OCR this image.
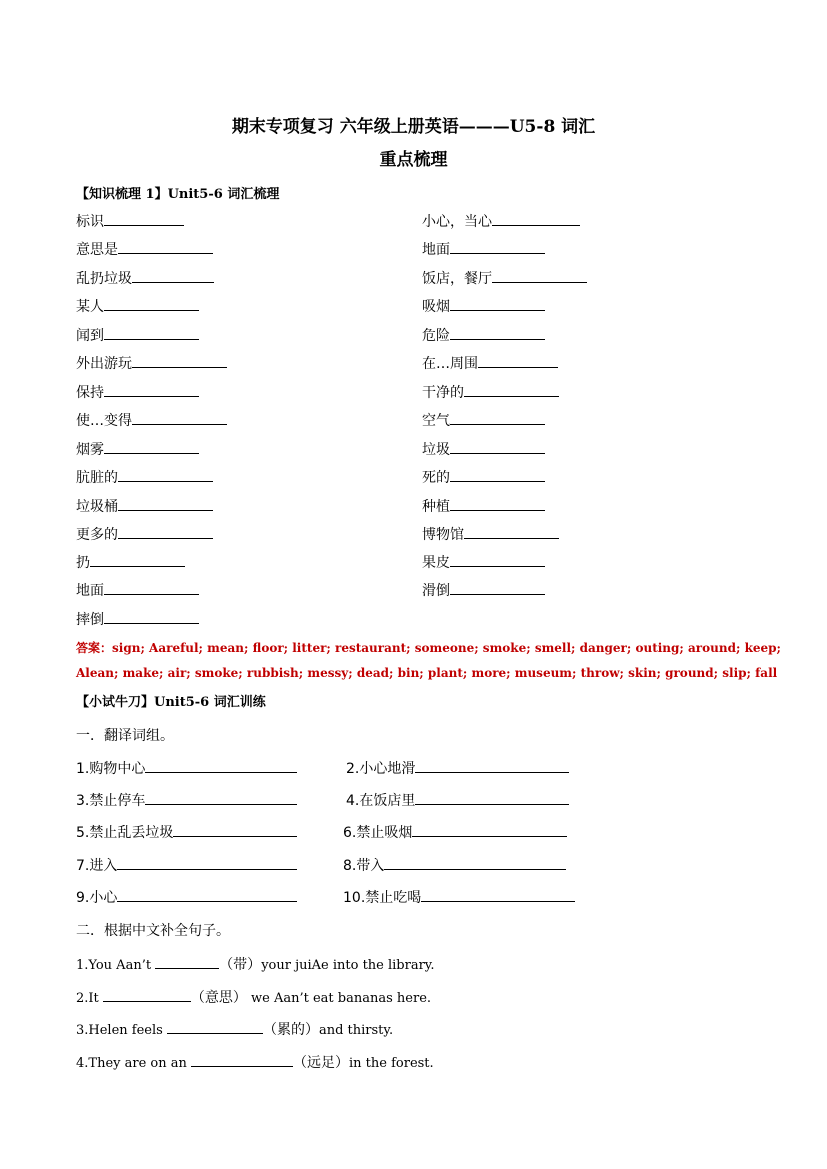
期末专项复习 六年级上册英语———U5-8 词汇
重点梳理
【知识梳理 1】Unit5-6 词汇梳理
标识
意思是
乱扔垃圾
某人
闻到
外出游玩
保持
使…变得
烟雾
肮脏的
垃圾桶
更多的
扔
地面
摔倒
小心，当心
地面
饭店，餐厅
吸烟
危险
在…周围
干净的
空气
垃圾
死的
种植
博物馆
果皮
滑倒
答案：sign; Aareful; mean; floor; litter; restaurant; someone; smoke; smell; danger; outing; around; keep;
Alean; make; air; smoke; rubbish; messy; dead; bin; plant; more; museum; throw; skin; ground; slip; fall
【小试牛刀】Unit5-6 词汇训练
一．翻译词组。
1.购物中心	2.小心地滑
3.禁止停车	4.在饭店里
5.禁止乱丢垃圾	6.禁止吸烟
7.进入	8.带入
9.小心	10.禁止吃喝
二．根据中文补全句子。
1.You Aan’t	（带）your juiAe into the library.
2.It	（意思） we Aan’t eat bananas here.
3.Helen feels	（累的）and thirsty.
4.They are on an	（远足）in the forest.
